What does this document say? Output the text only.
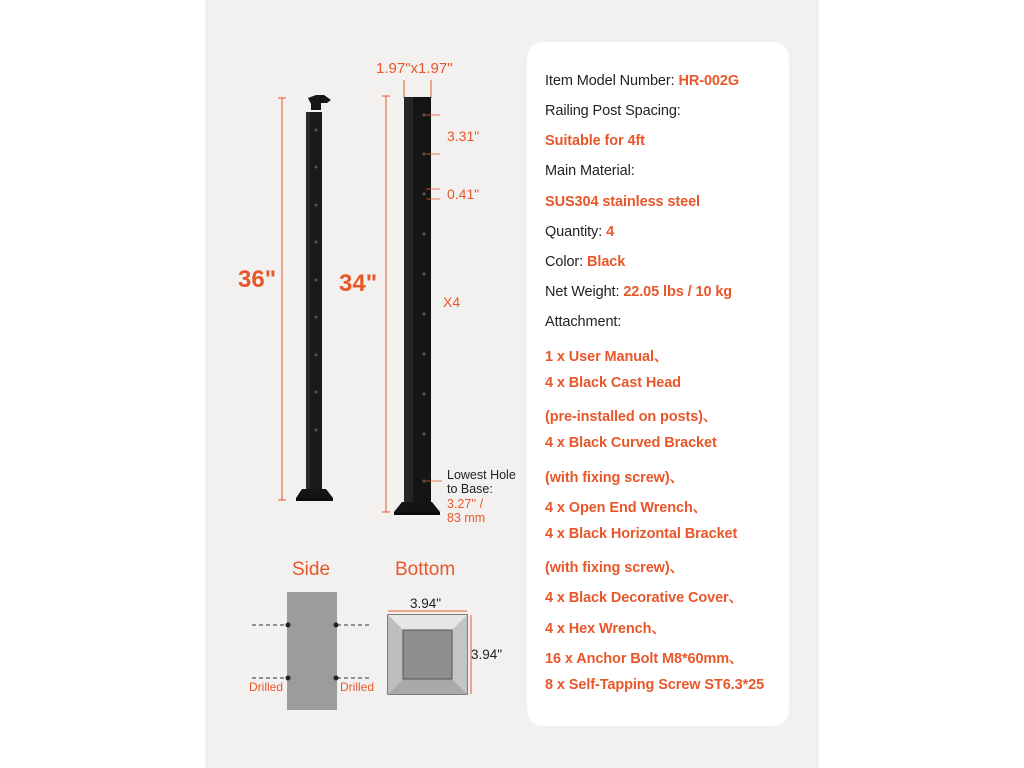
1.97"x1.97"
36"	34"
3.31"
0.41"
X4
Lowest Hole
to Base:
3.27'' /
83 mm
Side	Bottom
Drilled	Drilled
3.94"
3.94"
Item Model Number: HR-002G
Railing Post Spacing:
Suitable for 4ft
Main Material:
SUS304 stainless steel
Quantity: 4
Color: Black
Net Weight: 22.05 lbs / 10 kg
Attachment:
1 x User Manual、
4 x Black Cast Head
(pre-installed on posts)、
4 x Black Curved Bracket
(with fixing screw)、
4 x Open End Wrench、
4 x Black Horizontal Bracket
(with fixing screw)、
4 x Black Decorative Cover、
4 x Hex Wrench、
16 x Anchor Bolt M8*60mm、
8 x Self-Tapping Screw ST6.3*25
